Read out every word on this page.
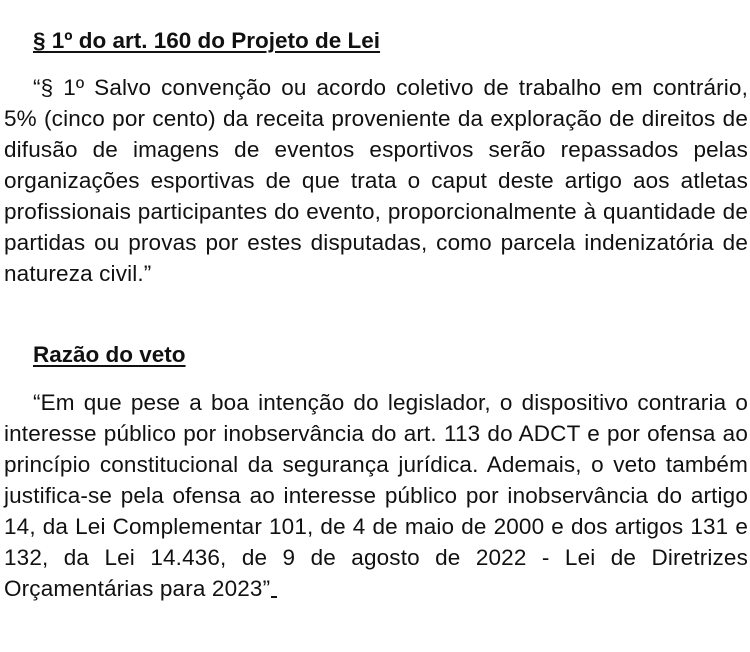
§ 1º do art. 160 do Projeto de Lei

“§ 1º Salvo convenção ou acordo coletivo de trabalho em contrário, 5% (cinco por cento) da receita proveniente da exploração de direitos de difusão de imagens de eventos esportivos serão repassados pelas organizações esportivas de que trata o caput deste artigo aos atletas profissionais participantes do evento, proporcionalmente à quantidade de partidas ou provas por estes disputadas, como parcela indenizatória de natureza civil.”

Razão do veto

“Em que pese a boa intenção do legislador, o dispositivo contraria o interesse público por inobservância do art. 113 do ADCT e por ofensa ao princípio constitucional da segurança jurídica. Ademais, o veto também justifica-se pela ofensa ao interesse público por inobservância do artigo 14, da Lei Complementar 101, de 4 de maio de 2000 e dos artigos 131 e 132, da Lei 14.436, de 9 de agosto de 2022 - Lei de Diretrizes Orçamentárias para 2023”
